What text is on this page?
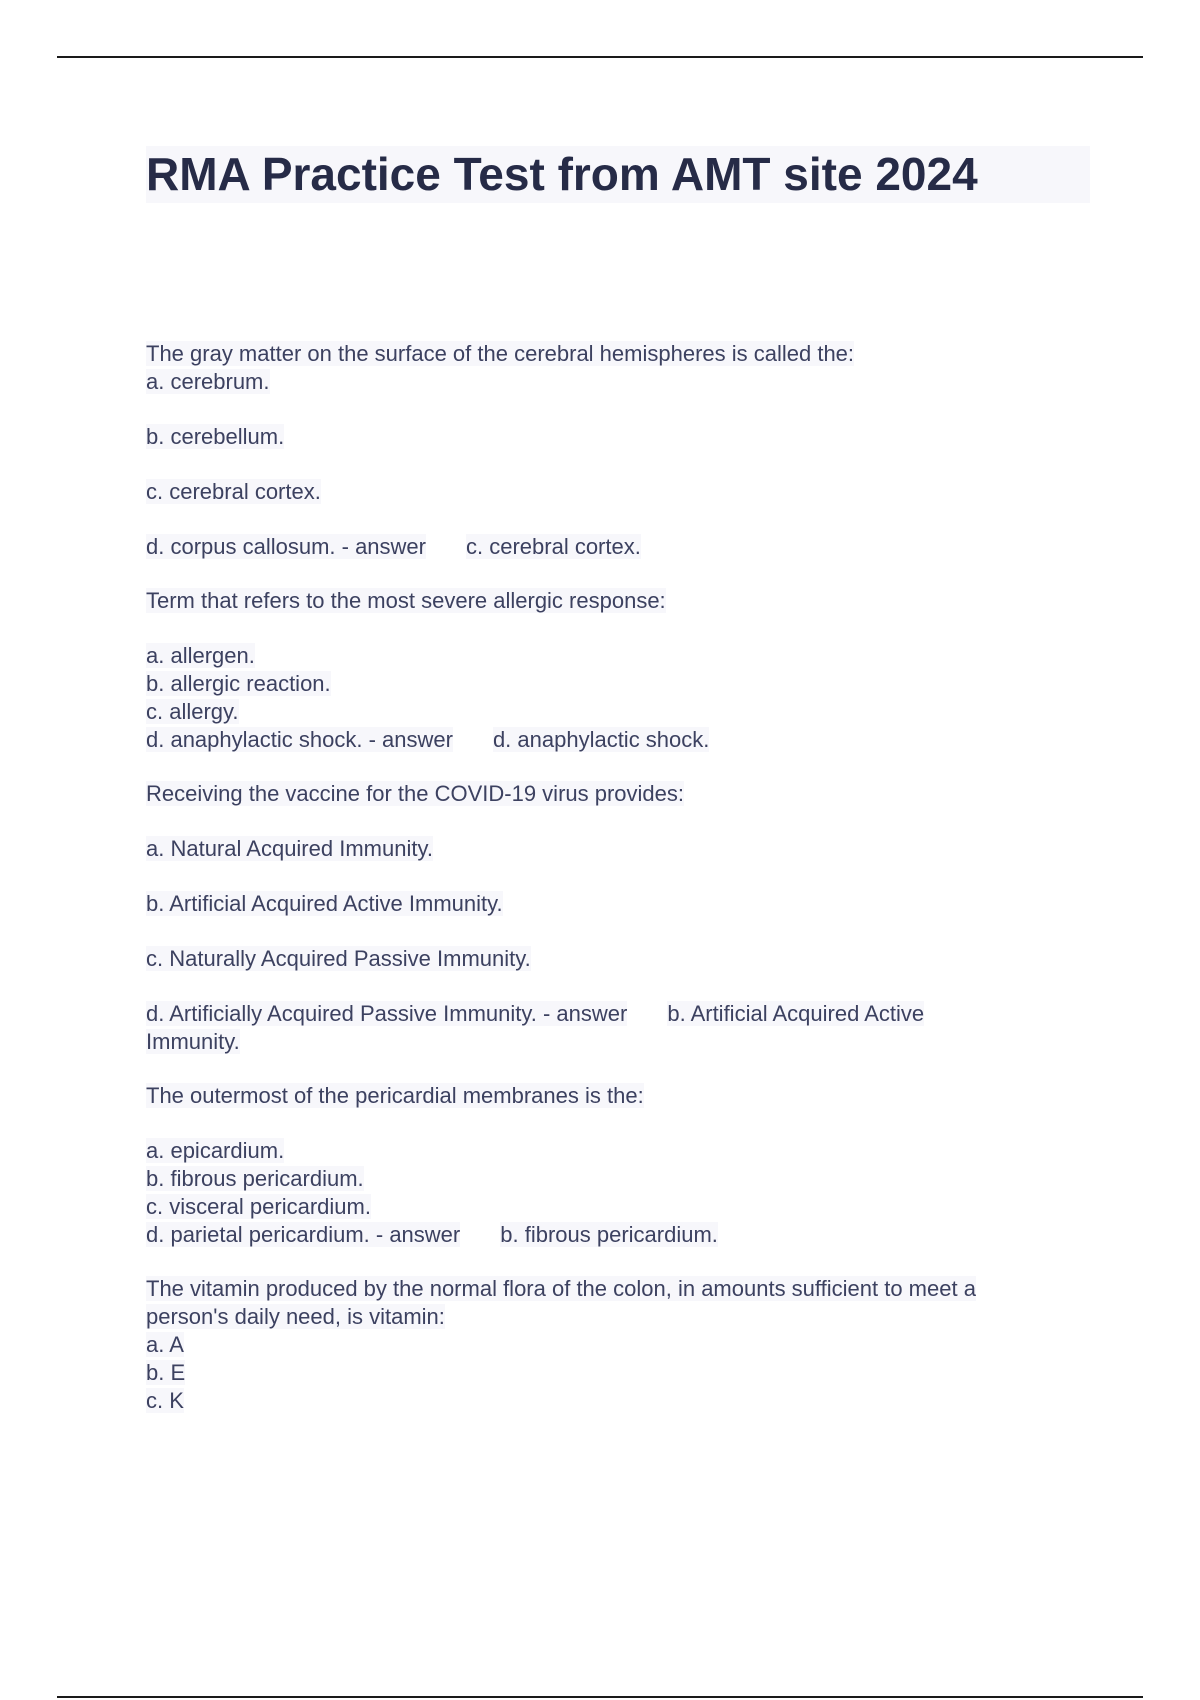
RMA Practice Test from AMT site 2024
The gray matter on the surface of the cerebral hemispheres is called the:
a. cerebrum.
b. cerebellum.
c. cerebral cortex.
d. corpus callosum. - answer c. cerebral cortex.
Term that refers to the most severe allergic response:
a. allergen.
b. allergic reaction.
c. allergy.
d. anaphylactic shock. - answer d. anaphylactic shock.
Receiving the vaccine for the COVID-19 virus provides:
a. Natural Acquired Immunity.
b. Artificial Acquired Active Immunity.
c. Naturally Acquired Passive Immunity.
d. Artificially Acquired Passive Immunity. - answer b. Artificial Acquired Active
Immunity.
The outermost of the pericardial membranes is the:
a. epicardium.
b. fibrous pericardium.
c. visceral pericardium.
d. parietal pericardium. - answer b. fibrous pericardium.
The vitamin produced by the normal flora of the colon, in amounts sufficient to meet a
person's daily need, is vitamin:
a. A
b. E
c. K
